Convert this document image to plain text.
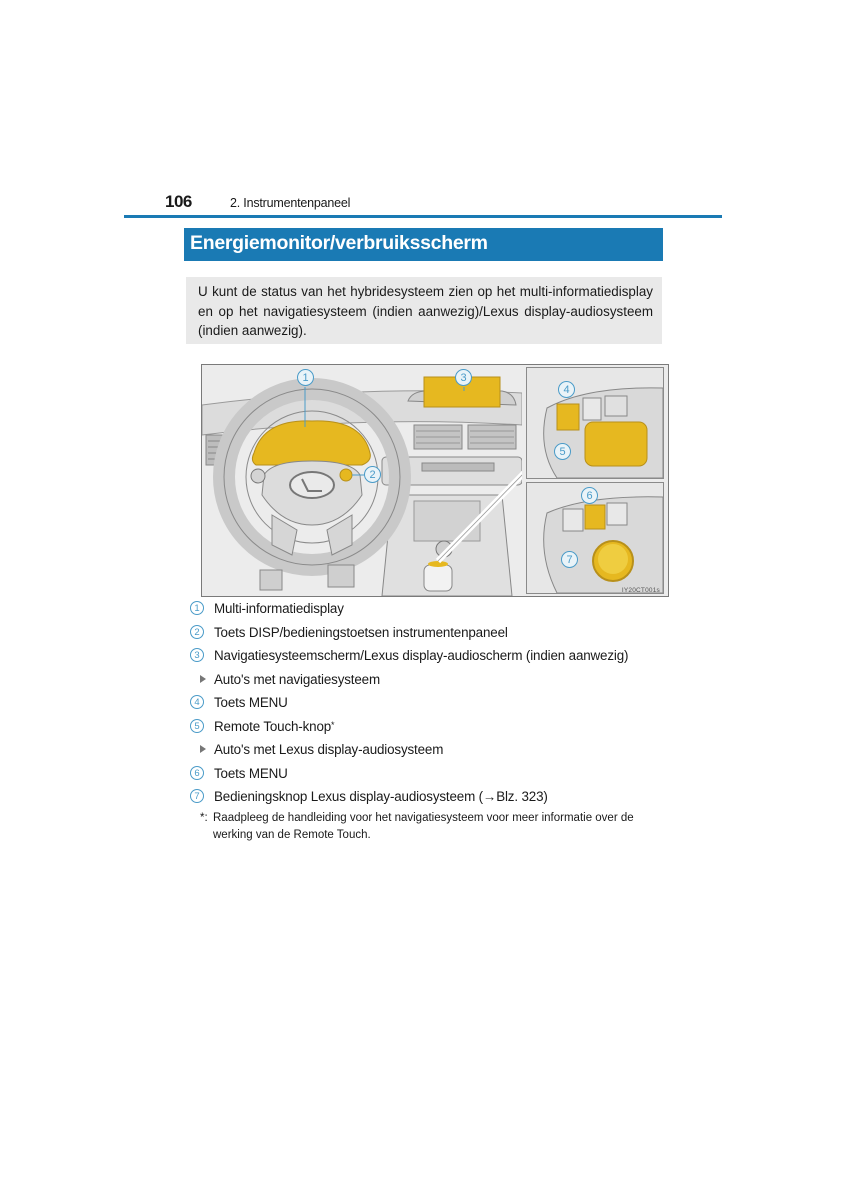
106	2. Instrumentenpaneel
Energiemonitor/verbruiksscherm
U kunt de status van het hybridesysteem zien op het multi-informatiedisplay en op het navigatiesysteem (indien aanwezig)/Lexus display-audiosysteem (indien aanwezig).
1
2
3
4
5
6
7
IY20CT001s
1	Multi-informatiedisplay
2	Toets DISP/bedieningstoetsen instrumentenpaneel
3	Navigatiesysteemscherm/Lexus display-audioscherm (indien aanwezig)
Auto's met navigatiesysteem
4	Toets MENU
5	Remote Touch-knop*
Auto's met Lexus display-audiosysteem
6	Toets MENU
7	Bedieningsknop Lexus display-audiosysteem (→Blz. 323)
*: Raadpleeg de handleiding voor het navigatiesysteem voor meer informatie over de werking van de Remote Touch.
